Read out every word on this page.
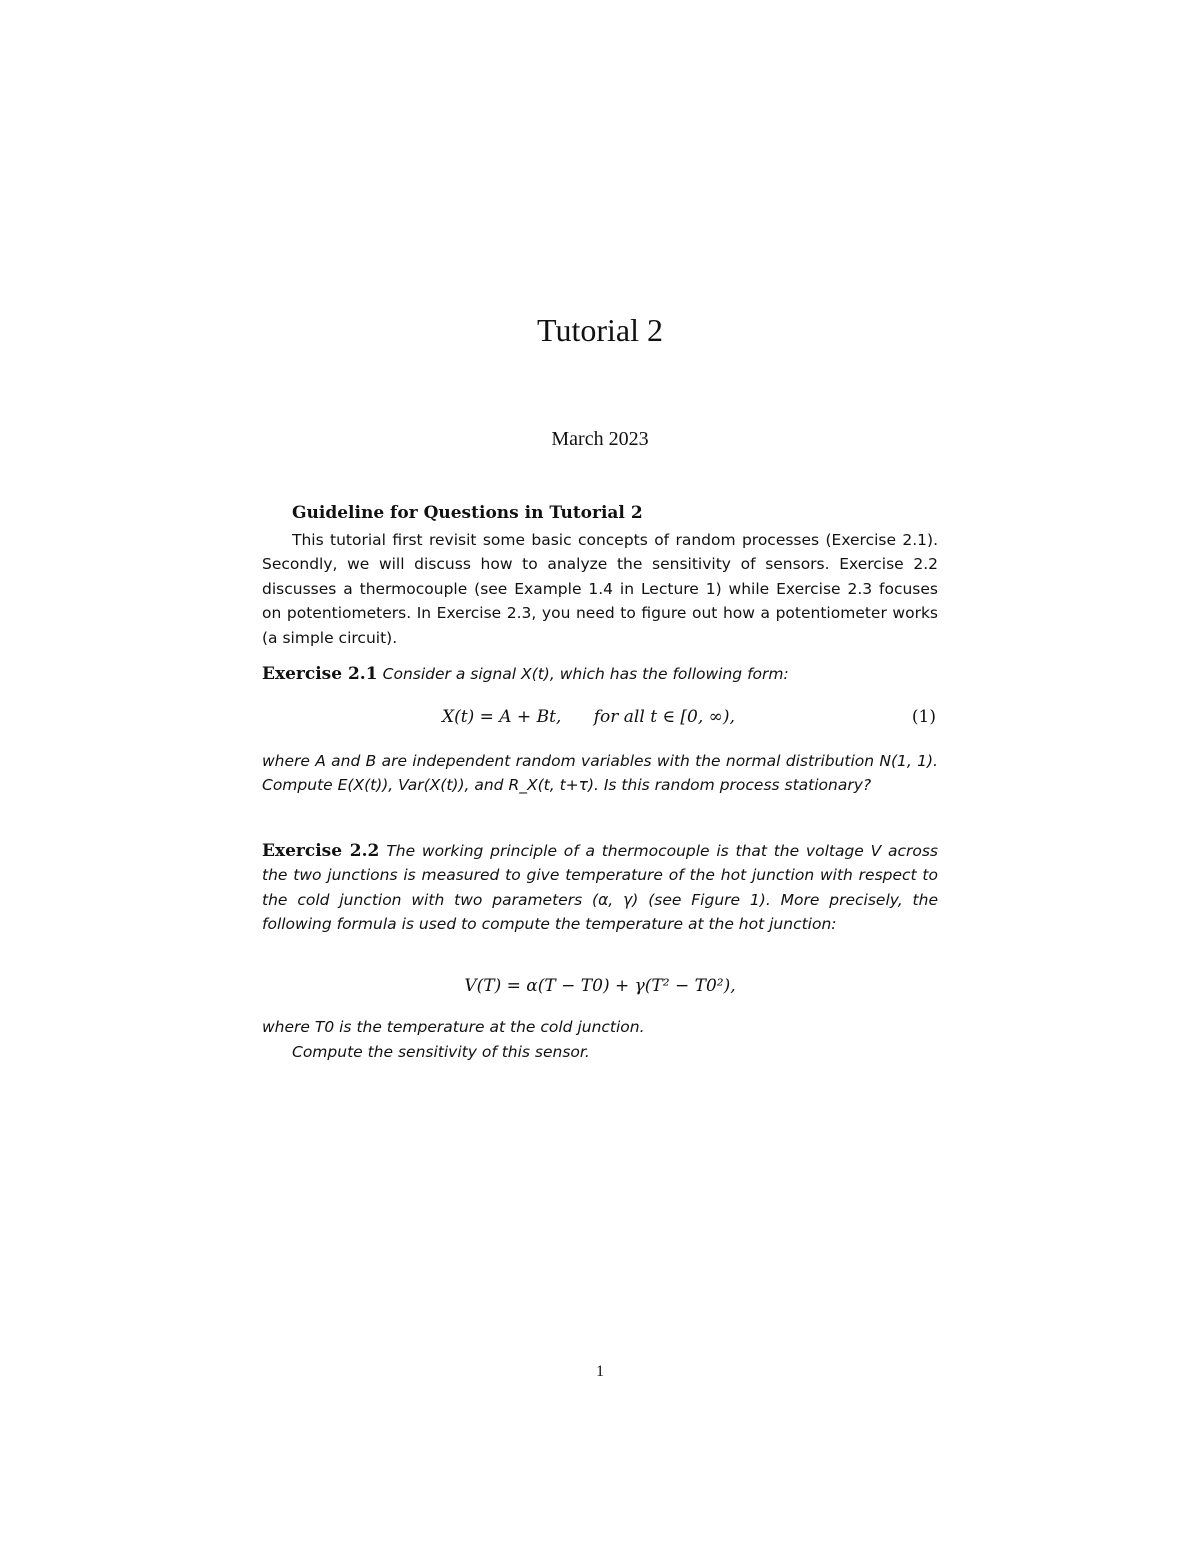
Tutorial 2
March 2023
Guideline for Questions in Tutorial 2
This tutorial first revisit some basic concepts of random processes (Exercise 2.1). Secondly, we will discuss how to analyze the sensitivity of sensors. Exercise 2.2 discusses a thermocouple (see Example 1.4 in Lecture 1) while Exercise 2.3 focuses on potentiometers. In Exercise 2.3, you need to figure out how a potentiometer works (a simple circuit).
Exercise 2.1 Consider a signal X(t), which has the following form:
X(t) = A + Bt,      for all t ∈ [0, ∞),	(1)
where A and B are independent random variables with the normal distribution N(1, 1). Compute E(X(t)), Var(X(t)), and R_X(t, t+τ). Is this random process stationary?
Exercise 2.2 The working principle of a thermocouple is that the voltage V across the two junctions is measured to give temperature of the hot junction with respect to the cold junction with two parameters (α, γ) (see Figure 1). More precisely, the following formula is used to compute the temperature at the hot junction:
V(T) = α(T − T0) + γ(T² − T0²),
where T0 is the temperature at the cold junction.
Compute the sensitivity of this sensor.
1
